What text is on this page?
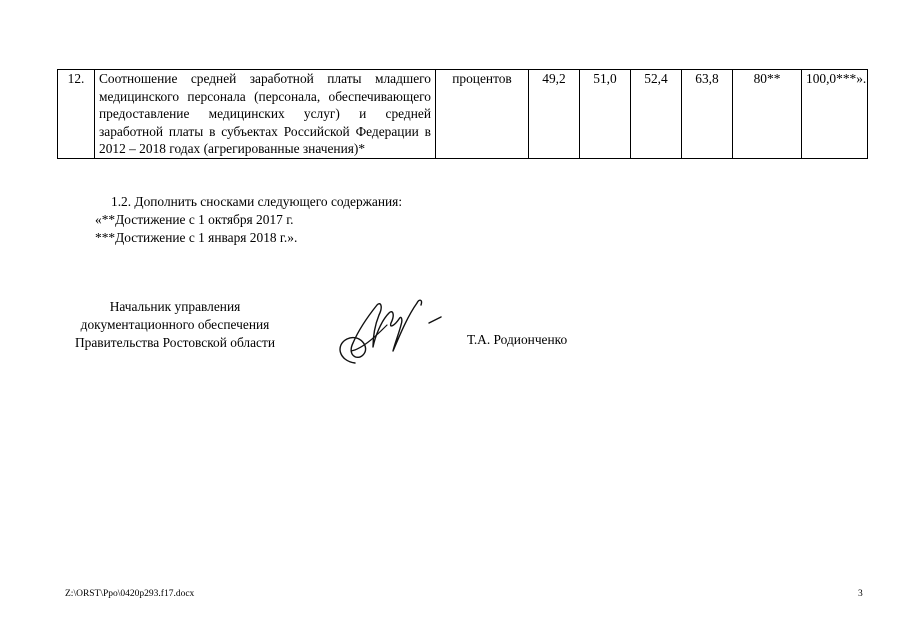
12.	Соотношение средней заработной платы младшего медицинского персонала (персонала, обеспечивающего предоставление медицинских услуг) и средней заработной платы в субъектах Российской Федерации в 2012 – 2018 годах (агрегированные значения)*	процентов	49,2	51,0	52,4	63,8	80**	100,0***».
1.2. Дополнить сносками следующего содержания:
«**Достижение с 1 октября 2017 г.
***Достижение с 1 января 2018 г.».
Начальник управления
документационного обеспечения
Правительства Ростовской области	Т.А. Родионченко
Z:\ORST\Ppo\0420p293.f17.docx	3
